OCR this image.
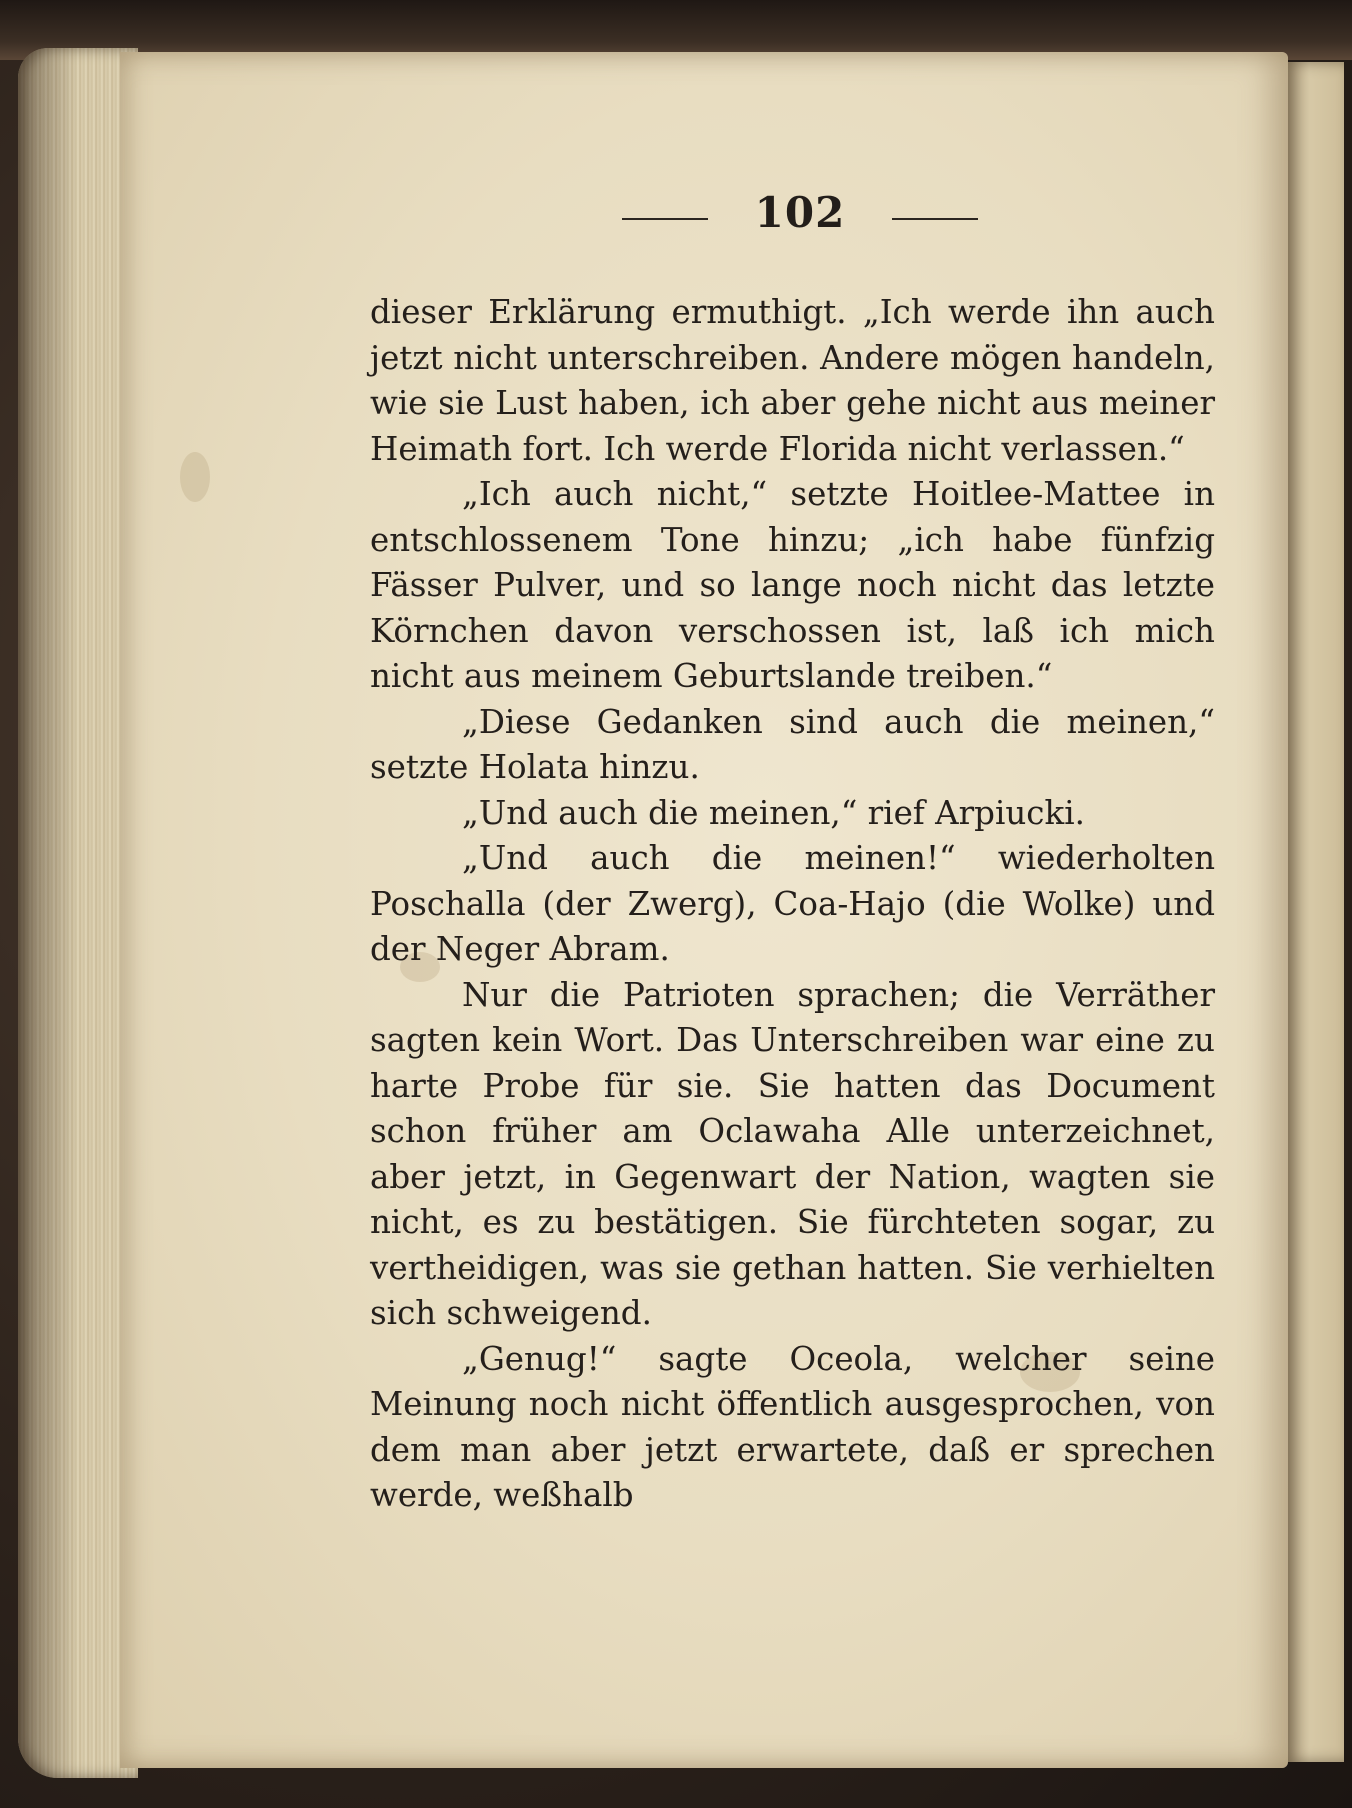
102

dieser Erklärung ermuthigt. „Ich werde ihn auch jetzt nicht unterschreiben. Andere mögen handeln, wie sie Lust haben, ich aber gehe nicht aus meiner Heimath fort. Ich werde Florida nicht verlassen.“

„Ich auch nicht,“ setzte Hoitlee-Mattee in entschlossenem Tone hinzu; „ich habe fünfzig Fässer Pulver, und so lange noch nicht das letzte Körnchen davon verschossen ist, laß ich mich nicht aus meinem Geburtslande treiben.“

„Diese Gedanken sind auch die meinen,“ setzte Holata hinzu.

„Und auch die meinen,“ rief Arpiucki.

„Und auch die meinen!“ wiederholten Poschalla (der Zwerg), Coa-Hajo (die Wolke) und der Neger Abram.

Nur die Patrioten sprachen; die Verräther sagten kein Wort. Das Unterschreiben war eine zu harte Probe für sie. Sie hatten das Document schon früher am Oclawaha Alle unterzeichnet, aber jetzt, in Gegenwart der Nation, wagten sie nicht, es zu bestätigen. Sie fürchteten sogar, zu vertheidigen, was sie gethan hatten. Sie verhielten sich schweigend.

„Genug!“ sagte Oceola, welcher seine Meinung noch nicht öffentlich ausgesprochen, von dem man aber jetzt erwartete, daß er sprechen werde, weßhalb
